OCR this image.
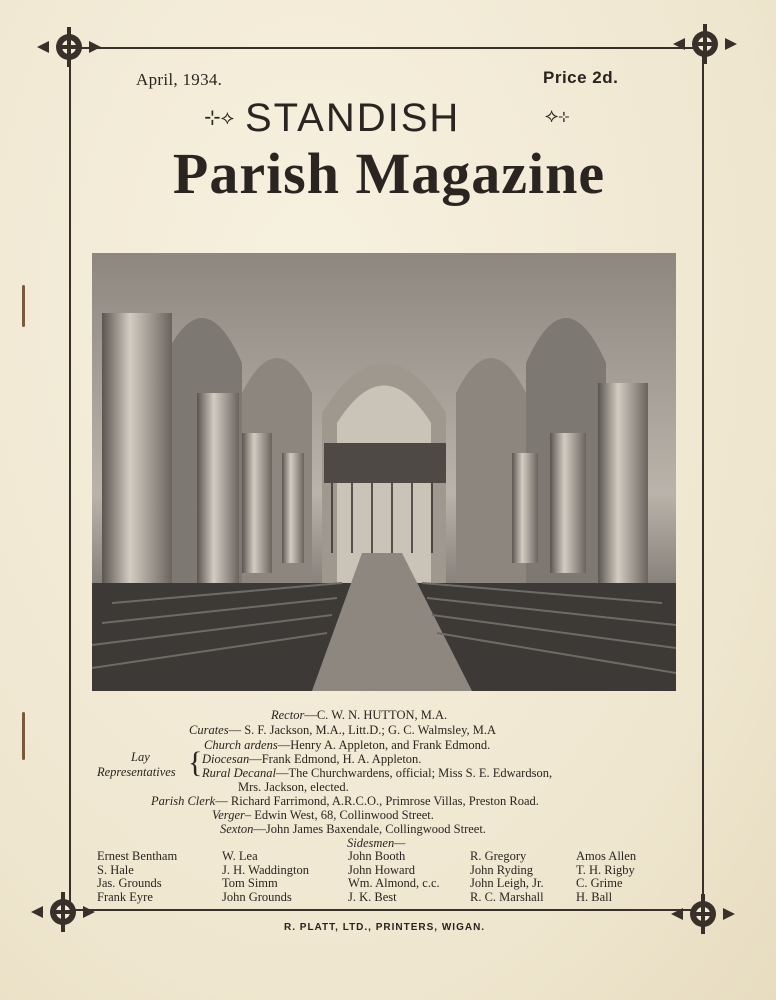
April, 1934.	Price 2d.
⊹⟡ STANDISH	⟡⊹
Parish Magazine
Rector—C. W. N. HUTTON, M.A.
Curates— S. F. Jackson, M.A., Litt.D.; G. C. Walmsley, M.A
Church ardens—Henry A. Appleton, and Frank Edmond.
Lay
Representatives { Diocesan—Frank Edmond, H. A. Appleton.
Rural Decanal—The Churchwardens, official; Miss S. E. Edwardson,
Mrs. Jackson, elected.
Parish Clerk— Richard Farrimond, A.R.C.O., Primrose Villas, Preston Road.
Verger– Edwin West, 68, Collinwood Street.
Sexton—John James Baxendale, Collingwood Street.
Sidesmen—
Ernest Bentham
S. Hale
Jas. Grounds
Frank Eyre
W. Lea
J. H. Waddington
Tom Simm
John Grounds
John Booth
John Howard
Wm. Almond, c.c.
J. K. Best
R. Gregory
John Ryding
John Leigh, Jr.
R. C. Marshall
Amos Allen
T. H. Rigby
C. Grime
H. Ball
R. PLATT, LTD., PRINTERS, WIGAN.
